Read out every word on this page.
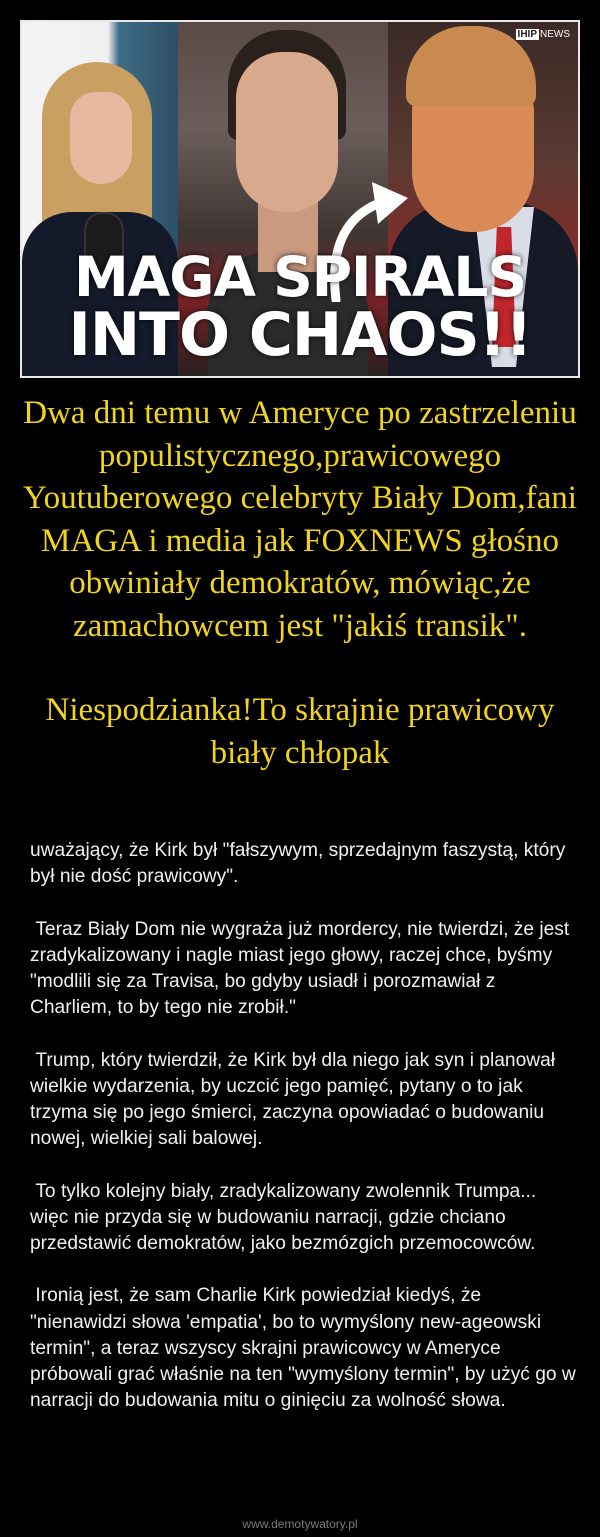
IHIP NEWS
MAGA SPIRALS
INTO CHAOS!!

Dwa dni temu w Ameryce po zastrzeleniu populistycznego,prawicowego Youtuberowego celebryty Biały Dom,fani MAGA i media jak FOXNEWS głośno obwiniały demokratów, mówiąc,że zamachowcem jest "jakiś transik".

Niespodzianka!To skrajnie prawicowy biały chłopak

uważający, że Kirk był "fałszywym, sprzedajnym faszystą, który był nie dość prawicowy".

Teraz Biały Dom nie wygraża już mordercy, nie twierdzi, że jest zradykalizowany i nagle miast jego głowy, raczej chce, byśmy "modlili się za Travisa, bo gdyby usiadł i porozmawiał z Charliem, to by tego nie zrobił."

Trump, który twierdził, że Kirk był dla niego jak syn i planował wielkie wydarzenia, by uczcić jego pamięć, pytany o to jak trzyma się po jego śmierci, zaczyna opowiadać o budowaniu nowej, wielkiej sali balowej.

To tylko kolejny biały, zradykalizowany zwolennik Trumpa... więc nie przyda się w budowaniu narracji, gdzie chciano przedstawić demokratów, jako bezmózgich przemocowców.

Ironią jest, że sam Charlie Kirk powiedział kiedyś, że "nienawidzi słowa 'empatia', bo to wymyślony new-ageowski termin", a teraz wszyscy skrajni prawicowcy w Ameryce próbowali grać właśnie na ten "wymyślony termin", by użyć go w narracji do budowania mitu o ginięciu za wolność słowa.

www.demotywatory.pl
